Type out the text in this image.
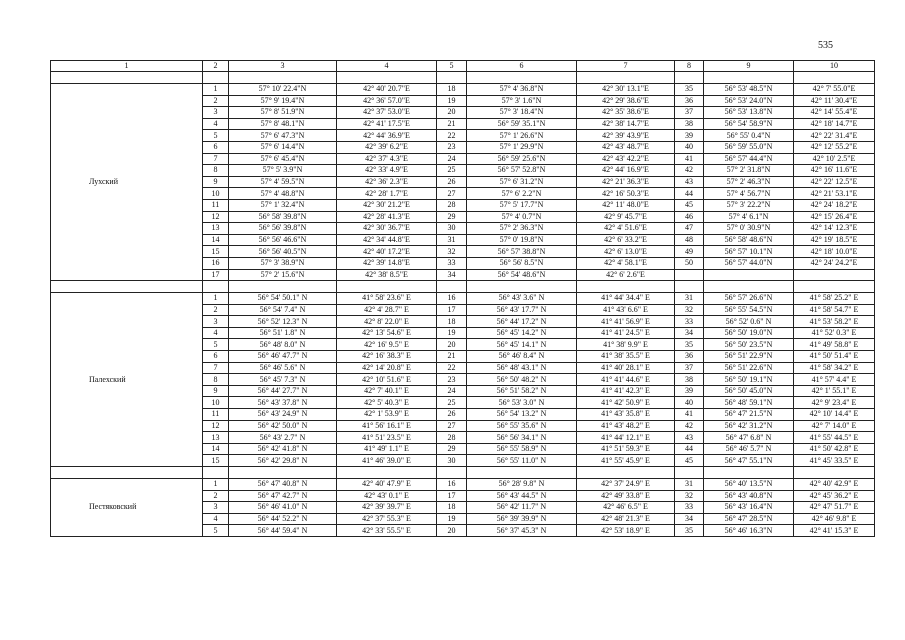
535
1	2	3	4	5	6	7	8	9	10

Лухский	1	57° 10' 22.4"N	42° 40' 20.7"E	18	57° 4' 36.8"N	42° 30' 13.1"E	35	56° 53' 48.5"N	42° 7' 55.0"E
	2	57° 9' 19.4"N	42° 36' 57.0"E	19	57° 3' 1.6"N	42° 29' 38.6"E	36	56° 53' 24.0"N	42° 11' 30.4"E
	3	57° 8' 51.9"N	42° 37' 53.0"E	20	57° 3' 18.4"N	42° 35' 38.6"E	37	56° 53' 13.8"N	42° 14' 55.4"E
	4	57° 8' 48.1"N	42° 41' 17.5"E	21	56° 59' 35.1"N	42° 38' 14.7"E	38	56° 54' 58.9"N	42° 18' 14.7"E
	5	57° 6' 47.3"N	42° 44' 36.9"E	22	57° 1' 26.6"N	42° 39' 43.9"E	39	56° 55' 0.4"N	42° 22' 31.4"E
	6	57° 6' 14.4"N	42° 39' 6.2"E	23	57° 1' 29.9"N	42° 43' 48.7"E	40	56° 59' 55.0"N	42° 12' 55.2"E
	7	57° 6' 45.4"N	42° 37' 4.3"E	24	56° 59' 25.6"N	42° 43' 42.2"E	41	56° 57' 44.4"N	42° 10' 2.5"E
	8	57° 5' 3.9"N	42° 33' 4.9"E	25	56° 57' 52.8"N	42° 44' 16.9"E	42	57° 2' 31.8"N	42° 16' 11.6"E
	9	57° 4' 59.5"N	42° 36' 2.3"E	26	57° 6' 31.2"N	42° 21' 36.3"E	43	57° 2' 46.3"N	42° 22' 12.5"E
	10	57° 4' 48.8"N	42° 28' 1.7"E	27	57° 6' 2.2"N	42° 16' 50.3"E	44	57° 4' 56.7"N	42° 21' 53.1"E
	11	57° 1' 32.4"N	42° 30' 21.2"E	28	57° 5' 17.7"N	42° 11' 48.0"E	45	57° 3' 22.2"N	42° 24' 18.2"E
	12	56° 58' 39.8"N	42° 28' 41.3"E	29	57° 4' 0.7"N	42° 9' 45.7"E	46	57° 4' 6.1"N	42° 15' 26.4"E
	13	56° 56' 39.8"N	42° 30' 36.7"E	30	57° 2' 36.3"N	42° 4' 51.6"E	47	57° 0' 30.9"N	42° 14' 12.3"E
	14	56° 56' 46.6"N	42° 34' 44.8"E	31	57° 0' 19.8"N	42° 6' 33.2"E	48	56° 58' 48.6"N	42° 19' 18.5"E
	15	56° 56' 40.5"N	42° 40' 17.2"E	32	56° 57' 38.8"N	42° 6' 13.0"E	49	56° 57' 10.1"N	42° 18' 10.0"E
	16	57° 3' 38.9"N	42° 39' 14.8"E	33	56° 56' 8.5"N	42° 4' 58.1"E	50	56° 57' 44.0"N	42° 24' 24.2"E
	17	57° 2' 15.6"N	42° 38' 8.5"E	34	56° 54' 48.6"N	42° 6' 2.6"E			

Палехский	1	56° 54' 50.1" N	41° 58' 23.6" E	16	56° 43' 3.6" N	41° 44' 34.4" E	31	56° 57' 26.6"N	41° 58' 25.2" E
	2	56° 54' 7.4" N	42° 4' 28.7" E	17	56° 43' 17.7" N	41° 43' 6.6" E	32	56° 55' 54.5"N	41° 58' 54.7" E
	3	56° 52' 12.3" N	42° 8' 22.0" E	18	56° 44' 17.2" N	41° 41' 56.9" E	33	56° 52' 0.6" N	41° 53' 58.2" E
	4	56° 51' 1.8" N	42° 13' 54.6" E	19	56° 45' 14.2" N	41° 41' 24.5" E	34	56° 50' 19.0"N	41° 52' 0.3" E
	5	56° 48' 8.0" N	42° 16' 9.5" E	20	56° 45' 14.1" N	41° 38' 9.9" E	35	56° 50' 23.5"N	41° 49' 58.8" E
	6	56° 46' 47.7" N	42° 16' 38.3" E	21	56° 46' 8.4" N	41° 38' 35.5" E	36	56° 51' 22.9"N	41° 50' 51.4" E
	7	56° 46' 5.6" N	42° 14' 20.8" E	22	56° 48' 43.1" N	41° 40' 28.1" E	37	56° 51' 22.6"N	41° 58' 34.2" E
	8	56° 45' 7.3" N	42° 10' 51.6" E	23	56° 50' 48.2" N	41° 41' 44.6" E	38	56° 50' 19.1"N	41° 57' 4.4" E
	9	56° 44' 27.7" N	42° 7' 40.1" E	24	56° 51' 58.2" N	41° 41' 42.3" E	39	56° 50' 45.0"N	42° 1' 55.1" E
	10	56° 43' 37.8" N	42° 5' 40.3" E	25	56° 53' 3.0" N	41° 42' 50.9" E	40	56° 48' 59.1"N	42° 9' 23.4" E
	11	56° 43' 24.9" N	42° 1' 53.9" E	26	56° 54' 13.2" N	41° 43' 35.8" E	41	56° 47' 21.5"N	42° 10' 14.4" E
	12	56° 42' 50.0" N	41° 56' 16.1" E	27	56° 55' 35.6" N	41° 43' 48.2" E	42	56° 42' 31.2"N	42° 7' 14.0" E
	13	56° 43' 2.7" N	41° 51' 23.5" E	28	56° 56' 34.1" N	41° 44' 12.1" E	43	56° 47' 6.8" N	41° 55' 44.5" E
	14	56° 42' 41.8" N	41° 49' 1.1" E	29	56° 55' 58.9" N	41° 51' 59.3" E	44	56° 46' 5.7" N	41° 50' 42.8" E
	15	56° 42' 29.8" N	41° 46' 39.0" E	30	56° 55' 11.0" N	41° 55' 45.9" E	45	56° 47' 55.1"N	41° 45' 33.5" E

Пестяковский	1	56° 47' 40.8" N	42° 40' 47.9" E	16	56° 28' 9.8" N	42° 37' 24.9" E	31	56° 40' 13.5"N	42° 40' 42.9" E
	2	56° 47' 42.7" N	42° 43' 0.1" E	17	56° 43' 44.5" N	42° 49' 33.8" E	32	56° 43' 40.8"N	42° 45' 36.2" E
	3	56° 46' 41.0" N	42° 39' 39.7" E	18	56° 42' 11.7" N	42° 46' 6.5" E	33	56° 43' 16.4"N	42° 47' 51.7" E
	4	56° 44' 52.2" N	42° 37' 55.3" E	19	56° 39' 39.9" N	42° 48' 21.3" E	34	56° 47' 28.5"N	42° 46' 9.8" E
	5	56° 44' 59.4" N	42° 33' 55.5" E	20	56° 37' 45.3" N	42° 53' 18.9" E	35	56° 46' 16.3"N	42° 41' 15.3" E
